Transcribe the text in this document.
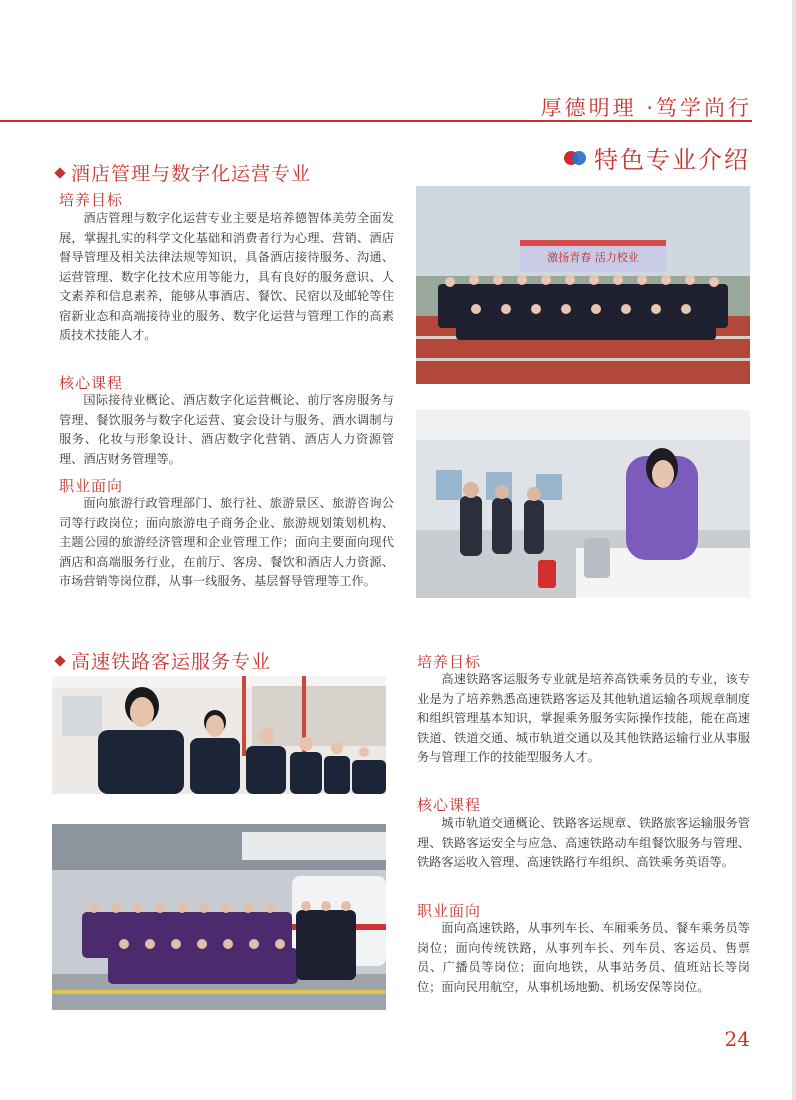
厚德明理 ·笃学尚行
特色专业介绍
酒店管理与数字化运营专业
培养目标

酒店管理与数字化运营专业主要是培养德智体美劳全面发展，掌握扎实的科学文化基础和消费者行为心理、营销、酒店督导管理及相关法律法规等知识，具备酒店接待服务、沟通、运营管理、数字化技术应用等能力，具有良好的服务意识、人文素养和信息素养，能够从事酒店、餐饮、民宿以及邮轮等住宿新业态和高端接待业的服务、数字化运营与管理工作的高素质技术技能人才。

核心课程

国际接待业概论、酒店数字化运营概论、前厅客房服务与管理、餐饮服务与数字化运营、宴会设计与服务、酒水调制与服务、化妆与形象设计、酒店数字化营销、酒店人力资源管理、酒店财务管理等。

职业面向

面向旅游行政管理部门、旅行社、旅游景区、旅游咨询公司等行政岗位；面向旅游电子商务企业、旅游规划策划机构、主题公园的旅游经济管理和企业管理工作；面向主要面向现代酒店和高端服务行业，在前厅、客房、餐饮和酒店人力资源、市场营销等岗位群，从事一线服务、基层督导管理等工作。

激扬青春 活力校业
高速铁路客运服务专业	培养目标

高速铁路客运服务专业就是培养高铁乘务员的专业，该专业是为了培养熟悉高速铁路客运及其他轨道运输各项规章制度和组织管理基本知识，掌握乘务服务实际操作技能，能在高速铁道、铁道交通、城市轨道交通以及其他铁路运输行业从事服务与管理工作的技能型服务人才。

核心课程

城市轨道交通概论、铁路客运规章、铁路旅客运输服务管理、铁路客运安全与应急、高速铁路动车组餐饮服务与管理、铁路客运收入管理、高速铁路行车组织、高铁乘务英语等。

职业面向

面向高速铁路，从事列车长、车厢乘务员、餐车乘务员等岗位；面向传统铁路，从事列车长、列车员、客运员、售票员、广播员等岗位；面向地铁，从事站务员、值班站长等岗位；面向民用航空，从事机场地勤、机场安保等岗位。

24
